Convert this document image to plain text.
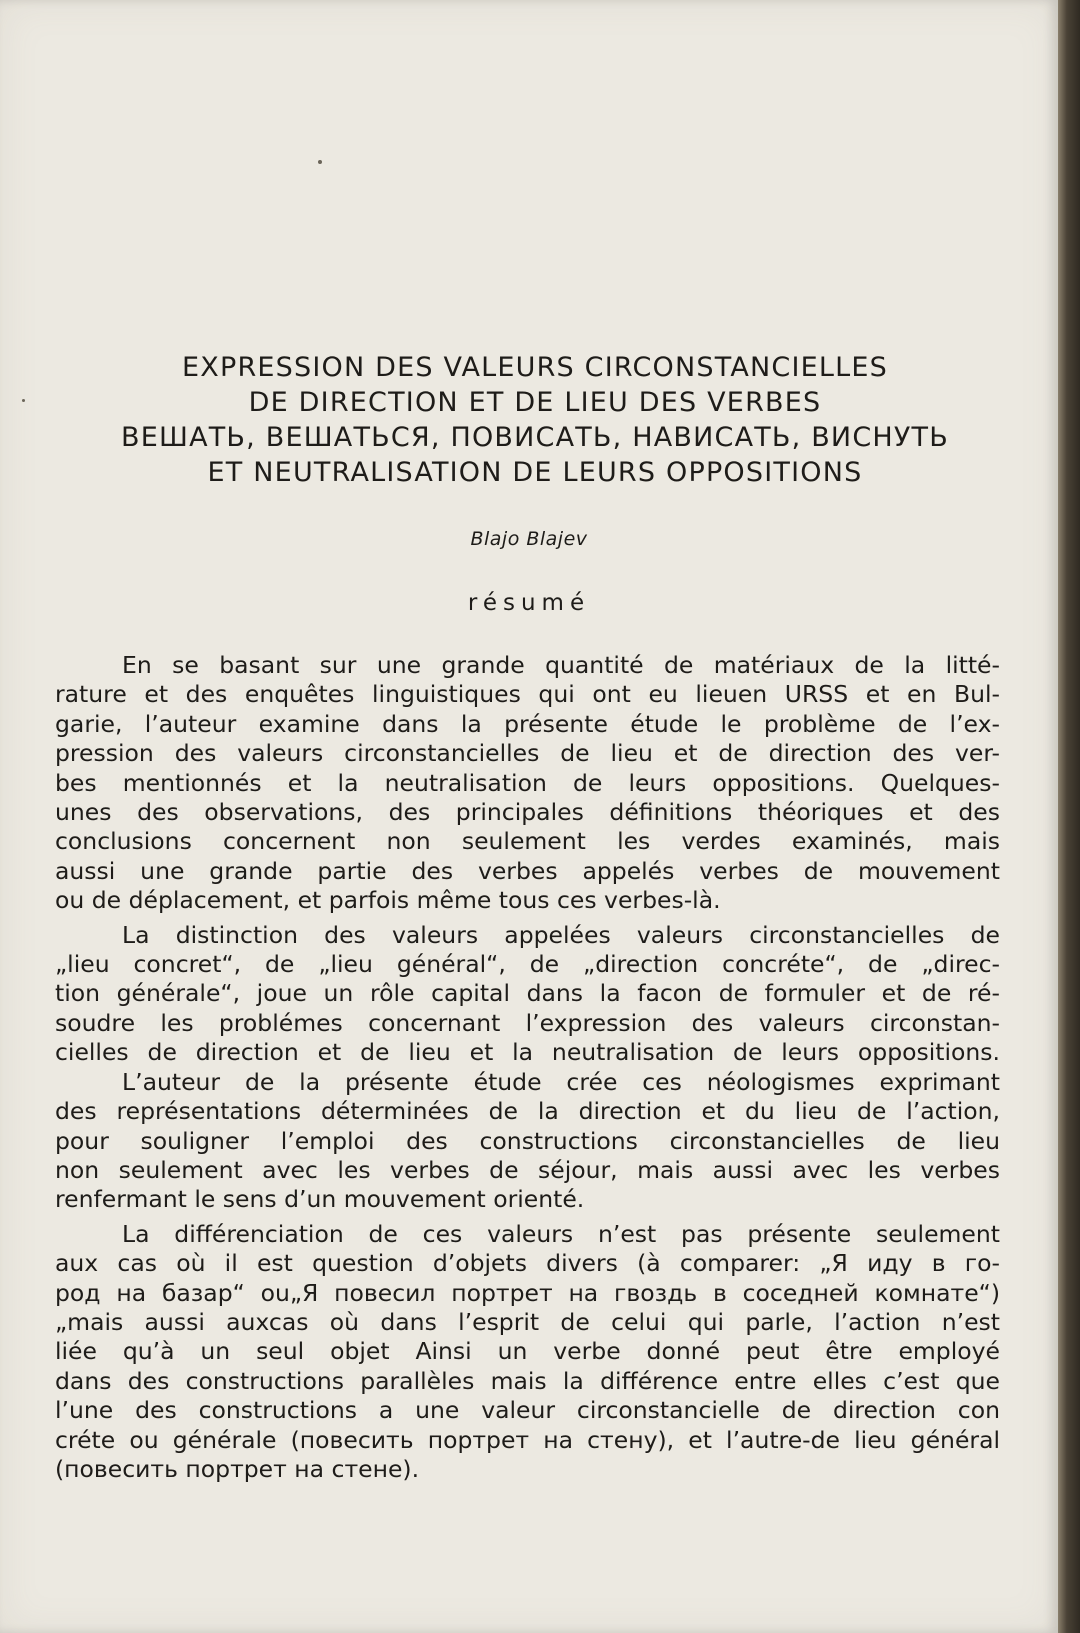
EXPRESSION DES VALEURS CIRCONSTANCIELLES
DE DIRECTION ET DE LIEU DES VERBES
ВЕШАТЬ, ВЕШАТЬСЯ, ПОВИСАТЬ, НАВИСАТЬ, ВИСНУТЬ
ET NEUTRALISATION DE LEURS OPPOSITIONS

Blajo Blajev

résumé

En se basant sur une grande quantité de matériaux de la litté-
rature et des enquêtes linguistiques qui ont eu lieuen URSS et en Bul-
garie, l’auteur examine dans la présente étude le problème de l’ex-
pression des valeurs circonstancielles de lieu et de direction des ver-
bes mentionnés et la neutralisation de leurs oppositions. Quelques-
unes des observations, des principales définitions théoriques et des
conclusions concernent non seulement les verdes examinés, mais
aussi une grande partie des verbes appelés verbes de mouvement
ou de déplacement, et parfois même tous ces verbes-là.
La distinction des valeurs appelées valeurs circonstancielles de
„lieu concret“, de „lieu général“, de „direction concréte“, de „direc-
tion générale“, joue un rôle capital dans la facon de formuler et de ré-
soudre les problémes concernant l’expression des valeurs circonstan-
cielles de direction et de lieu et la neutralisation de leurs oppositions.
L’auteur de la présente étude crée ces néologismes exprimant
des représentations déterminées de la direction et du lieu de l’action,
pour souligner l’emploi des constructions circonstancielles de lieu
non seulement avec les verbes de séjour, mais aussi avec les verbes
renfermant le sens d’un mouvement orienté.
La différenciation de ces valeurs n’est pas présente seulement
aux cas où il est question d’objets divers (à comparer: „Я иду в го-
род на базар“ ou„Я повесил портрет на гвоздь в соседней комнате“)
„mais aussi auxcas où dans l’esprit de celui qui parle, l’action n’est
liée qu’à un seul objet Ainsi un verbe donné peut être employé
dans des constructions parallèles mais la différence entre elles c’est que
l’une des constructions a une valeur circonstancielle de direction con
créte ou générale (повесить портрет на стену), et l’autre-de lieu général
(повесить портрет на стене).
